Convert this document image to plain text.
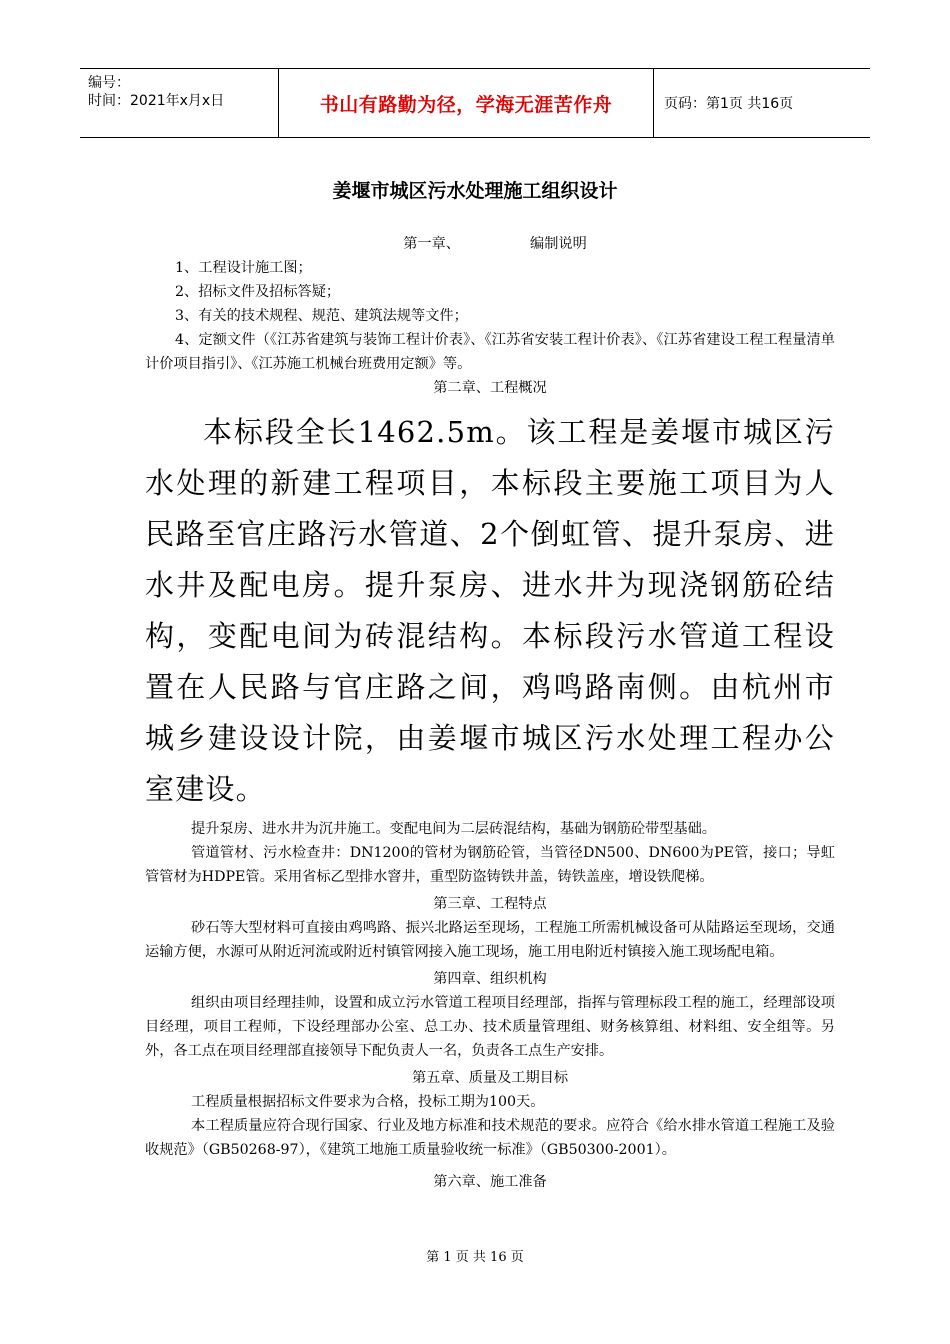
编号：
时间：2021年x月x日	书山有路勤为径，学海无涯苦作舟	页码：第1页 共16页
姜堰市城区污水处理施工组织设计

第一章、	编制说明

1、工程设计施工图；

2、招标文件及招标答疑；

3、有关的技术规程、规范、建筑法规等文件；

4、定额文件（《江苏省建筑与装饰工程计价表》、《江苏省安装工程计价表》、《江苏省建设工程工程量清单计价项目指引》、《江苏施工机械台班费用定额》等。

第二章、工程概况

本标段全长1462.5m。该工程是姜堰市城区污水处理的新建工程项目，本标段主要施工项目为人民路至官庄路污水管道、2个倒虹管、提升泵房、进水井及配电房。提升泵房、进水井为现浇钢筋砼结构，变配电间为砖混结构。本标段污水管道工程设置在人民路与官庄路之间，鸡鸣路南侧。由杭州市城乡建设设计院，由姜堰市城区污水处理工程办公室建设。

提升泵房、进水井为沉井施工。变配电间为二层砖混结构，基础为钢筋砼带型基础。

管道管材、污水检查井：DN1200的管材为钢筋砼管，当管径DN500、DN600为PE管，接口；导虹管管材为HDPE管。采用省标乙型排水窨井，重型防盗铸铁井盖，铸铁盖座，增设铁爬梯。

第三章、工程特点

砂石等大型材料可直接由鸡鸣路、振兴北路运至现场，工程施工所需机械设备可从陆路运至现场，交通运输方便，水源可从附近河流或附近村镇管网接入施工现场，施工用电附近村镇接入施工现场配电箱。

第四章、组织机构

组织由项目经理挂帅，设置和成立污水管道工程项目经理部，指挥与管理标段工程的施工，经理部设项目经理，项目工程师，下设经理部办公室、总工办、技术质量管理组、财务核算组、材料组、安全组等。另外，各工点在项目经理部直接领导下配负责人一名，负责各工点生产安排。

第五章、质量及工期目标

工程质量根据招标文件要求为合格，投标工期为100天。

本工程质量应符合现行国家、行业及地方标准和技术规范的要求。应符合《给水排水管道工程施工及验收规范》（GB50268-97），《建筑工地施工质量验收统一标准》（GB50300-2001）。

第六章、施工准备

第 1 页 共 16 页
